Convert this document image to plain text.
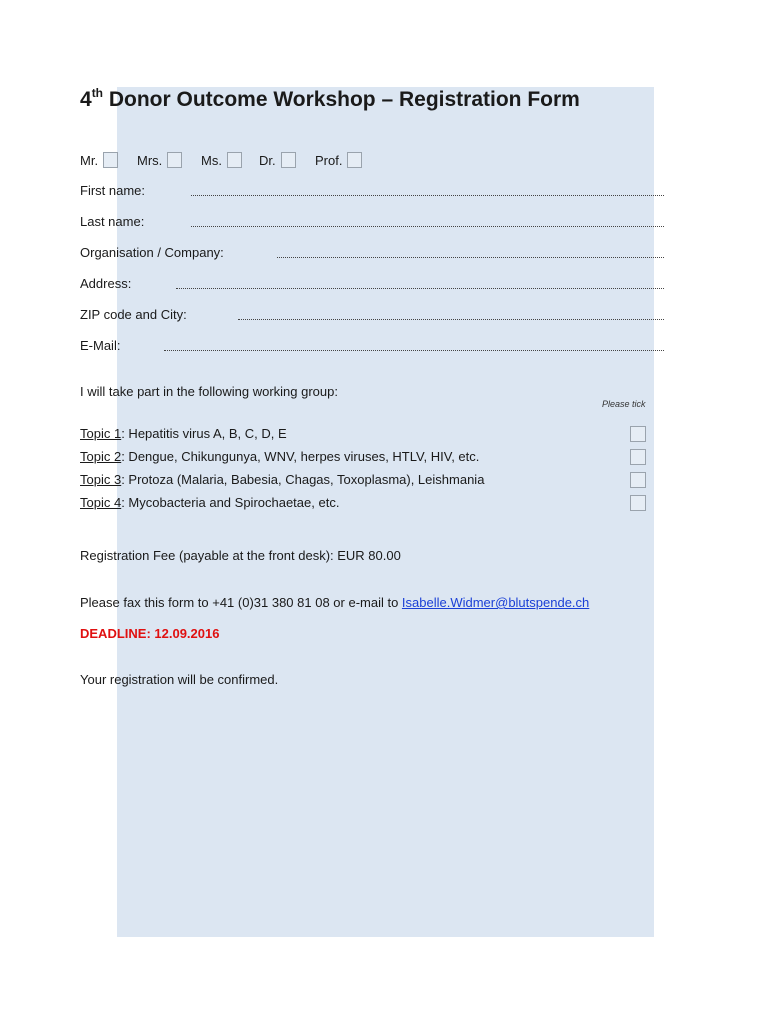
4th Donor Outcome Workshop – Registration Form
Mr.	Mrs.	Ms.	Dr.	Prof.
First name:
Last name:
Organisation / Company:
Address:
ZIP code and City:
E-Mail:
I will take part in the following working group:
Please tick
Topic 1: Hepatitis virus A, B, C, D, E
Topic 2: Dengue, Chikungunya, WNV, herpes viruses, HTLV, HIV, etc.
Topic 3: Protoza (Malaria, Babesia, Chagas, Toxoplasma), Leishmania
Topic 4: Mycobacteria and Spirochaetae, etc.
Registration Fee (payable at the front desk): EUR 80.00
Please fax this form to +41 (0)31 380 81 08 or e-mail to Isabelle.Widmer@blutspende.ch
DEADLINE: 12.09.2016
Your registration will be confirmed.
